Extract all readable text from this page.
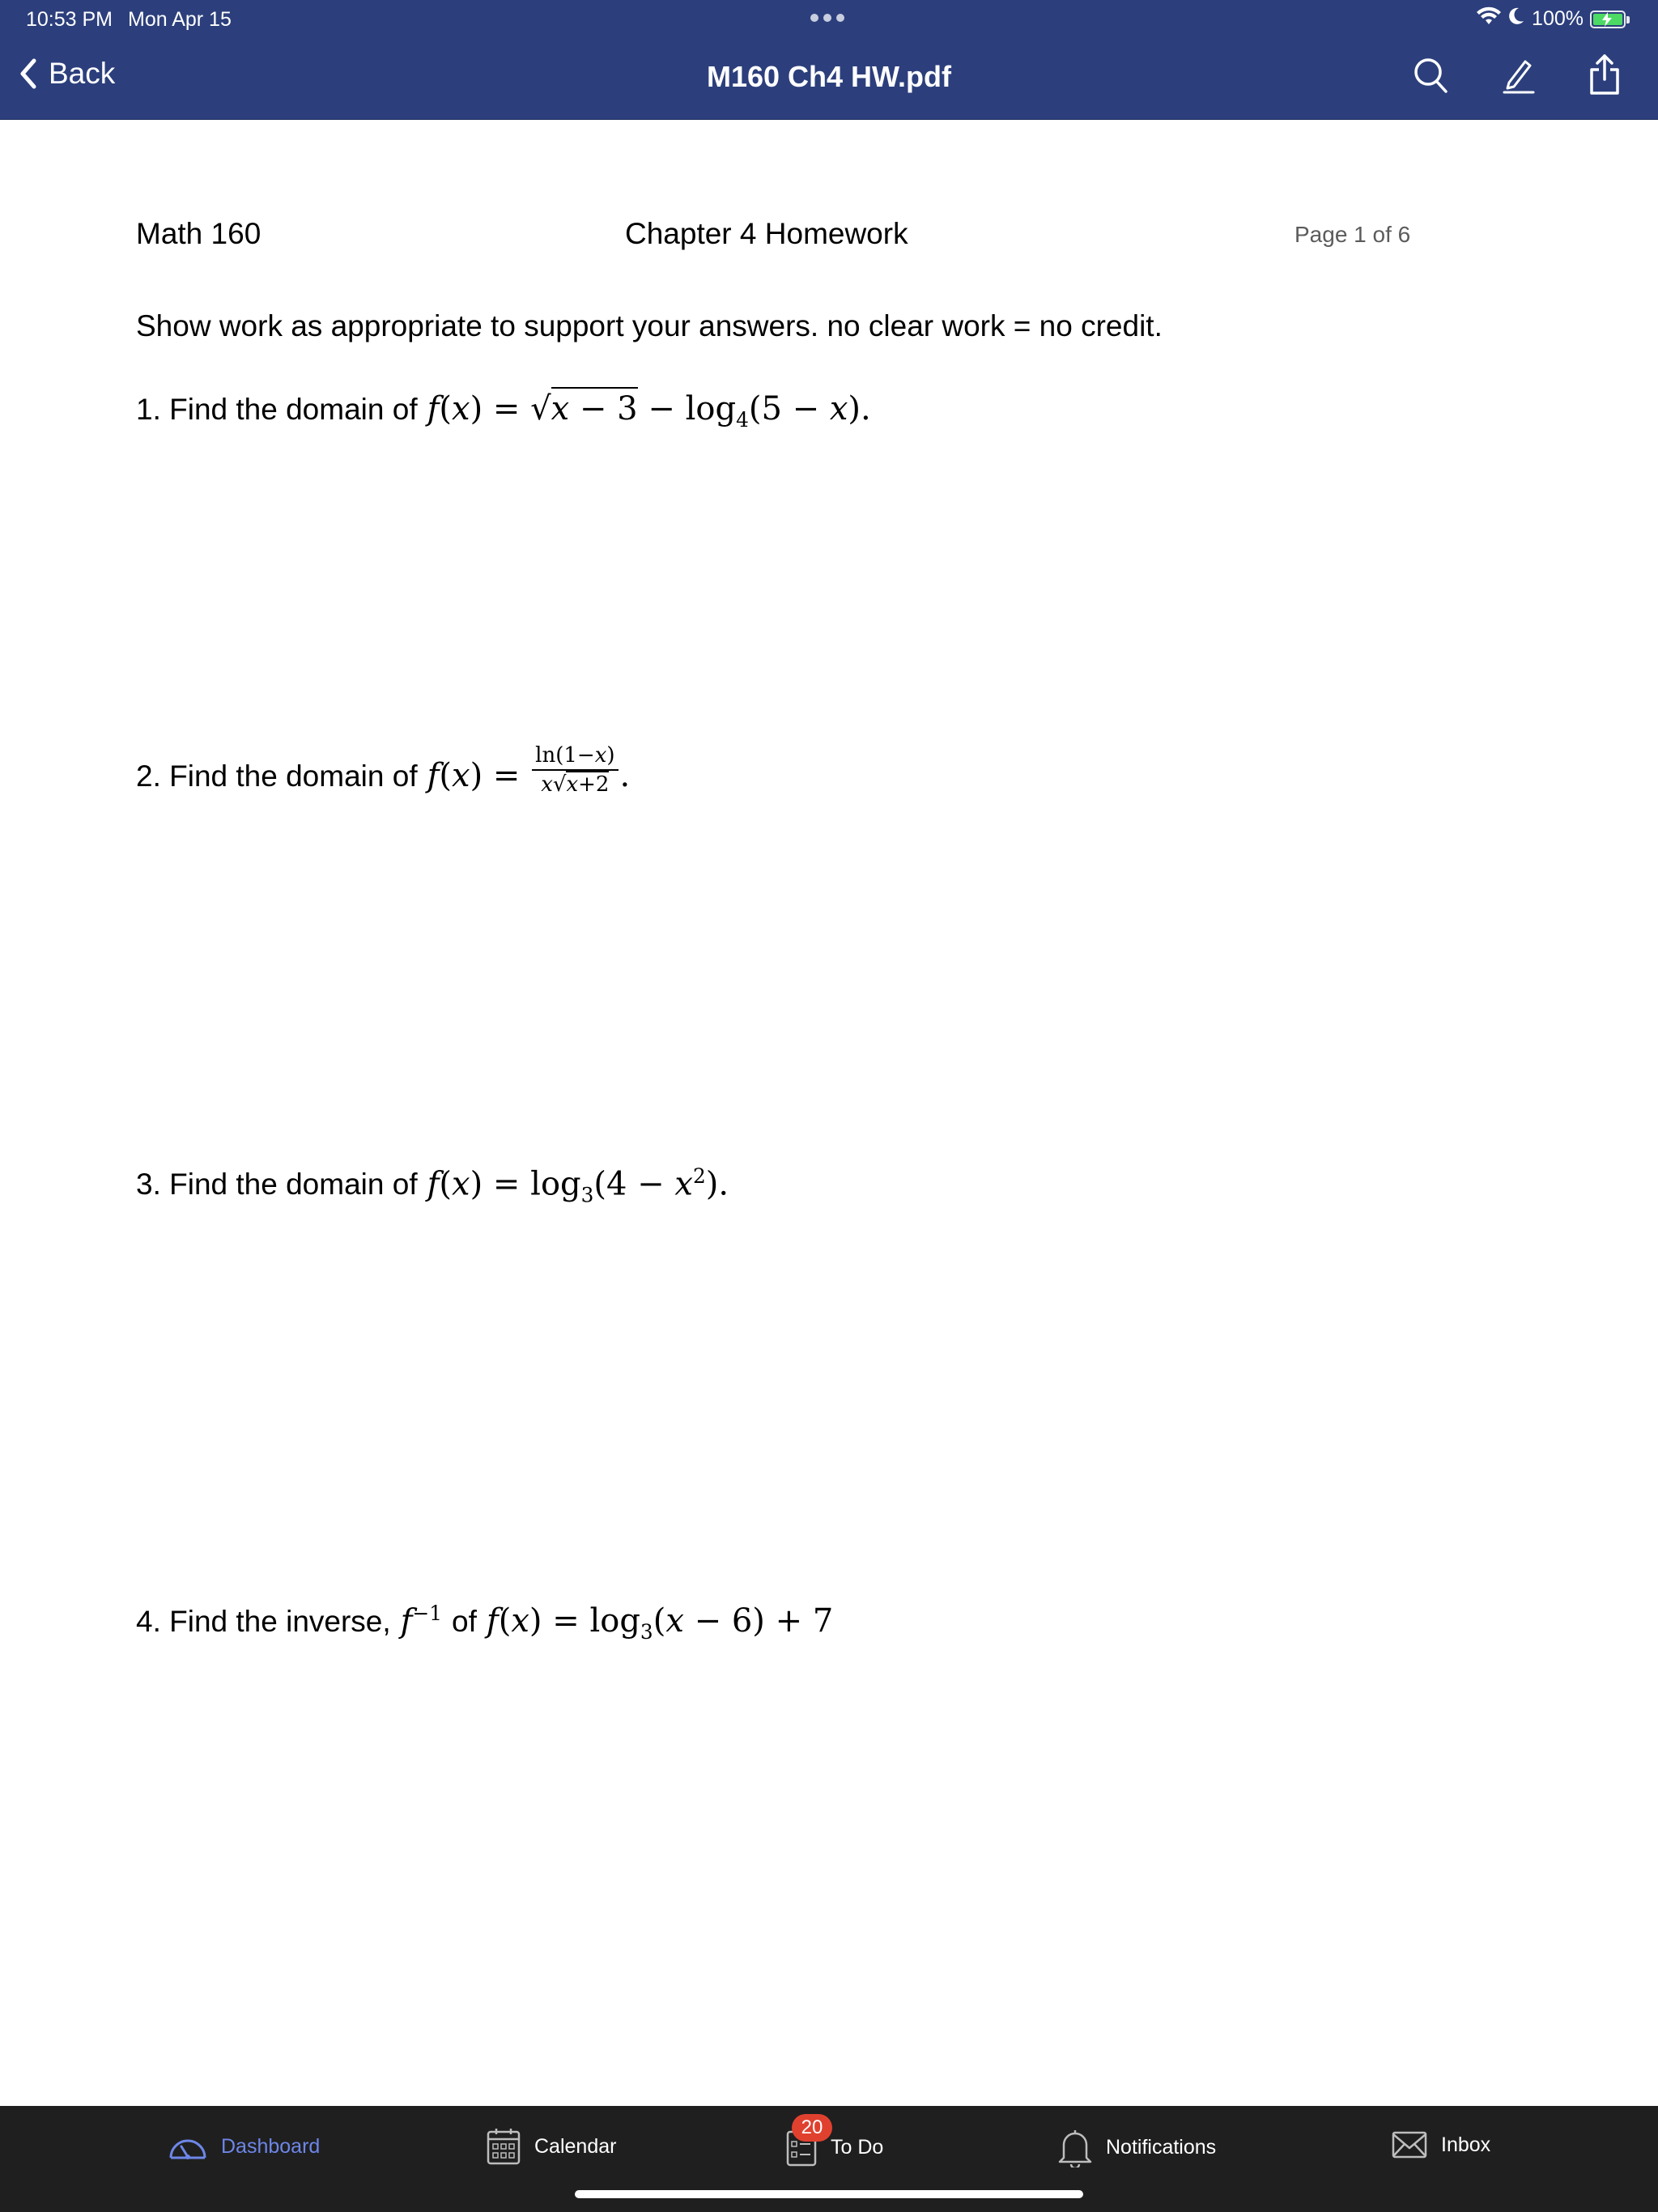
10:53 PM Mon Apr 15	100%
Back	M160 Ch4 HW.pdf
Math 160	Chapter 4 Homework	Page 1 of 6
Show work as appropriate to support your answers. no clear work = no credit.
1. Find the domain of $f(x) = √x - 3 - \log_4(5 - x)$.
2. Find the domain of $f(x) = \frac{\ln(1-x)}{x√x+2}$ .
3. Find the domain of $f(x) = \log_3(4 - x^2)$.
4. Find the inverse, $f^{-1}$ of $f(x) = \log_3(x - 6) + 7$
Dashboard	Calendar	To Do
20
Notifications	Inbox
